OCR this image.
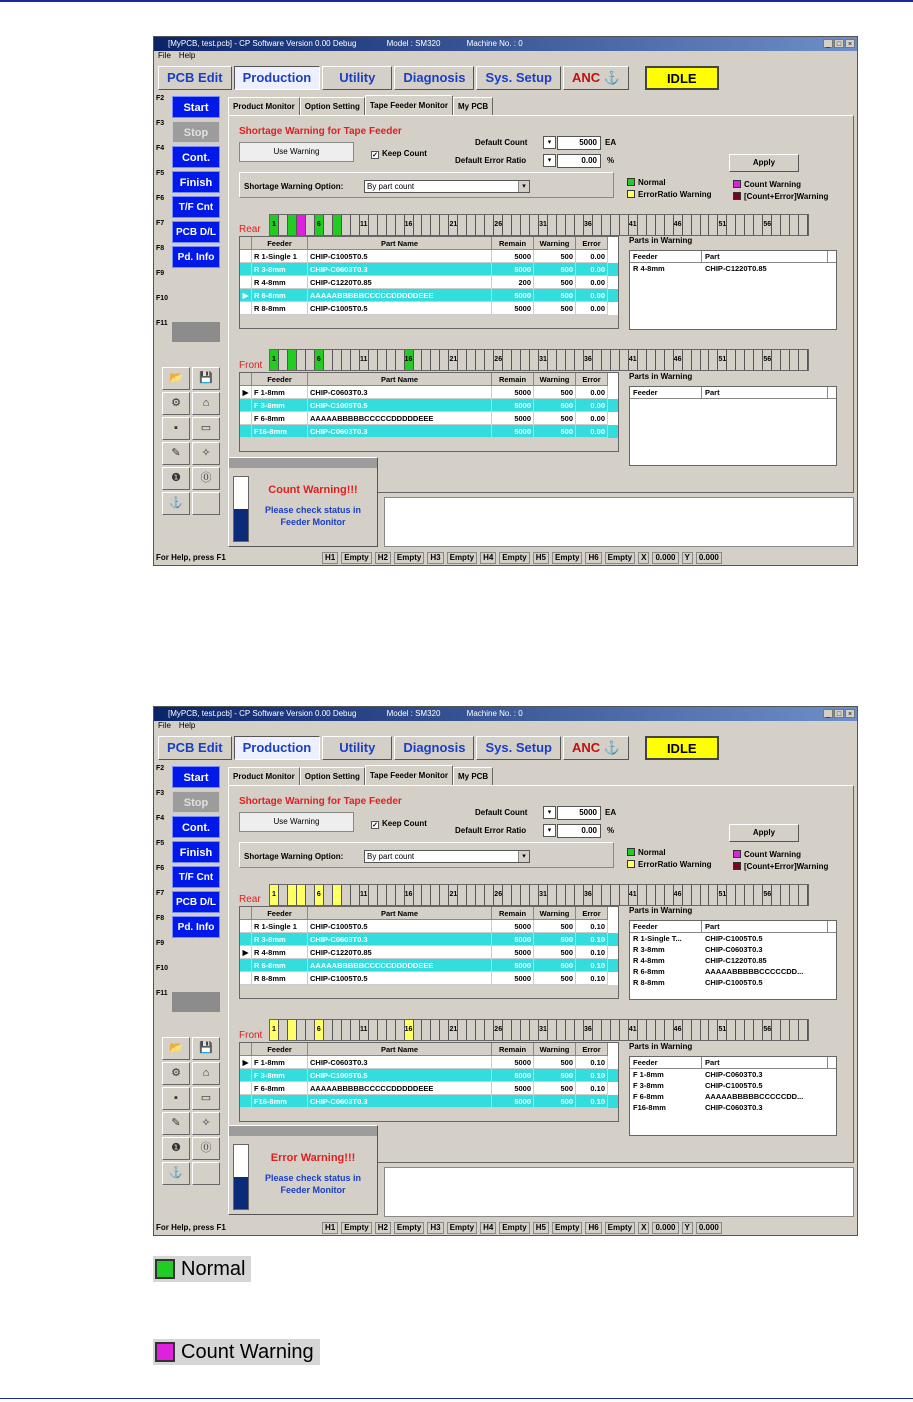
[MyPCB, test.pcb] - CP Software Version 0.00 Debug	Model : SM320	Machine No. : 0	_ □ ×
File Help
PCB Edit	Production	Utility	Diagnosis	Sys. Setup	ANC ⚓	IDLE
F2
Start
F3
Stop
F4
Cont.
F5
Finish
F6
T/F Cnt
F7
PCB D/L
F8
Pd. Info
F9
F10
F11
📂	💾
⚙	⌂
▪	▭
✎	✧
❶	⓪
⚓
Product Monitor	Option Setting	Tape Feeder Monitor	My PCB
Shortage Warning for Tape Feeder
Use Warning	✓ Keep Count
Default Count	▾	5000	EA
Default Error Ratio	▾	0.00	%	Apply
Shortage Warning Option:	By part count	▾	Normal	Count Warning
ErrorRatio Warning	[Count+Error]Warning
Rear 1	6	11	16	21	26	31	36	41	46	51	56
Feeder	Part Name	Remain	Warning	Error
R 1-Single 1	CHIP-C1005T0.5	5000	500	0.00
R 3-8mm	CHIP-C0603T0.3	5000	500	0.00
R 4-8mm	CHIP-C1220T0.85	200	500	0.00
▶ R 6-8mm	AAAAABBBBBCCCCCDDDDDEEE	5000	500	0.00
R 8-8mm	CHIP-C1005T0.5	5000	500	0.00
Parts in Warning
Feeder	Part
R 4-8mm	CHIP-C1220T0.85
Front
1	6	11	16	21	26	31	36	41	46	51	56
Feeder	Part Name	Remain	Warning	Error
▶ F 1-8mm	CHIP-C0603T0.3	5000	500	0.00
F 3-8mm	CHIP-C1005T0.5	5000	500	0.00
F 6-8mm	AAAAABBBBBCCCCCDDDDDEEE	5000	500	0.00
F16-8mm	CHIP-C0603T0.3	5000	500	0.00
Parts in Warning
Feeder	Part
Count Warning!!!
Please check status in Feeder Monitor
For Help, press F1	H1	Empty	H2	Empty	H3	Empty	H4	Empty	H5	Empty	H6	Empty	X	0.000	Y	0.000
[MyPCB, test.pcb] - CP Software Version 0.00 Debug	Model : SM320	Machine No. : 0	_ □ ×
File Help
PCB Edit	Production	Utility	Diagnosis	Sys. Setup	ANC ⚓	IDLE
F2
Start
F3
Stop
F4
Cont.
F5
Finish
F6
T/F Cnt
F7
PCB D/L
F8
Pd. Info
F9
F10
F11
📂	💾
⚙	⌂
▪	▭
✎	✧
❶	⓪
⚓
Product Monitor	Option Setting	Tape Feeder Monitor	My PCB
Shortage Warning for Tape Feeder
Use Warning	✓ Keep Count
Default Count	▾	5000	EA
Default Error Ratio	▾	0.00	%	Apply
Shortage Warning Option:	By part count	▾	Normal	Count Warning
ErrorRatio Warning	[Count+Error]Warning
Rear 1	6	11	16	21	26	31	36	41	46	51	56
Feeder	Part Name	Remain	Warning	Error
R 1-Single 1	CHIP-C1005T0.5	5000	500	0.10
R 3-8mm	CHIP-C0603T0.3	5000	500	0.10
▶ R 4-8mm	CHIP-C1220T0.85	5000	500	0.10
R 6-8mm	AAAAABBBBBCCCCCDDDDDEEE	5000	500	0.10
R 8-8mm	CHIP-C1005T0.5	5000	500	0.10
Parts in Warning
Feeder	Part
R 1-Single T...	CHIP-C1005T0.5
R 3-8mm	CHIP-C0603T0.3
R 4-8mm	CHIP-C1220T0.85
R 6-8mm	AAAAABBBBBCCCCCDD...
R 8-8mm	CHIP-C1005T0.5
Front
1	6	11	16	21	26	31	36	41	46	51	56
Feeder	Part Name	Remain	Warning	Error
▶ F 1-8mm	CHIP-C0603T0.3	5000	500	0.10
F 3-8mm	CHIP-C1005T0.5	5000	500	0.10
F 6-8mm	AAAAABBBBBCCCCCDDDDDEEE	5000	500	0.10
F16-8mm	CHIP-C0603T0.3	5000	500	0.10
Parts in Warning
Feeder	Part
F 1-8mm	CHIP-C0603T0.3
F 3-8mm	CHIP-C1005T0.5
F 6-8mm	AAAAABBBBBCCCCCDD...
F16-8mm	CHIP-C0603T0.3
Error Warning!!!
Please check status in Feeder Monitor
For Help, press F1	H1	Empty	H2	Empty	H3	Empty	H4	Empty	H5	Empty	H6	Empty	X	0.000	Y	0.000
Normal
Count Warning
